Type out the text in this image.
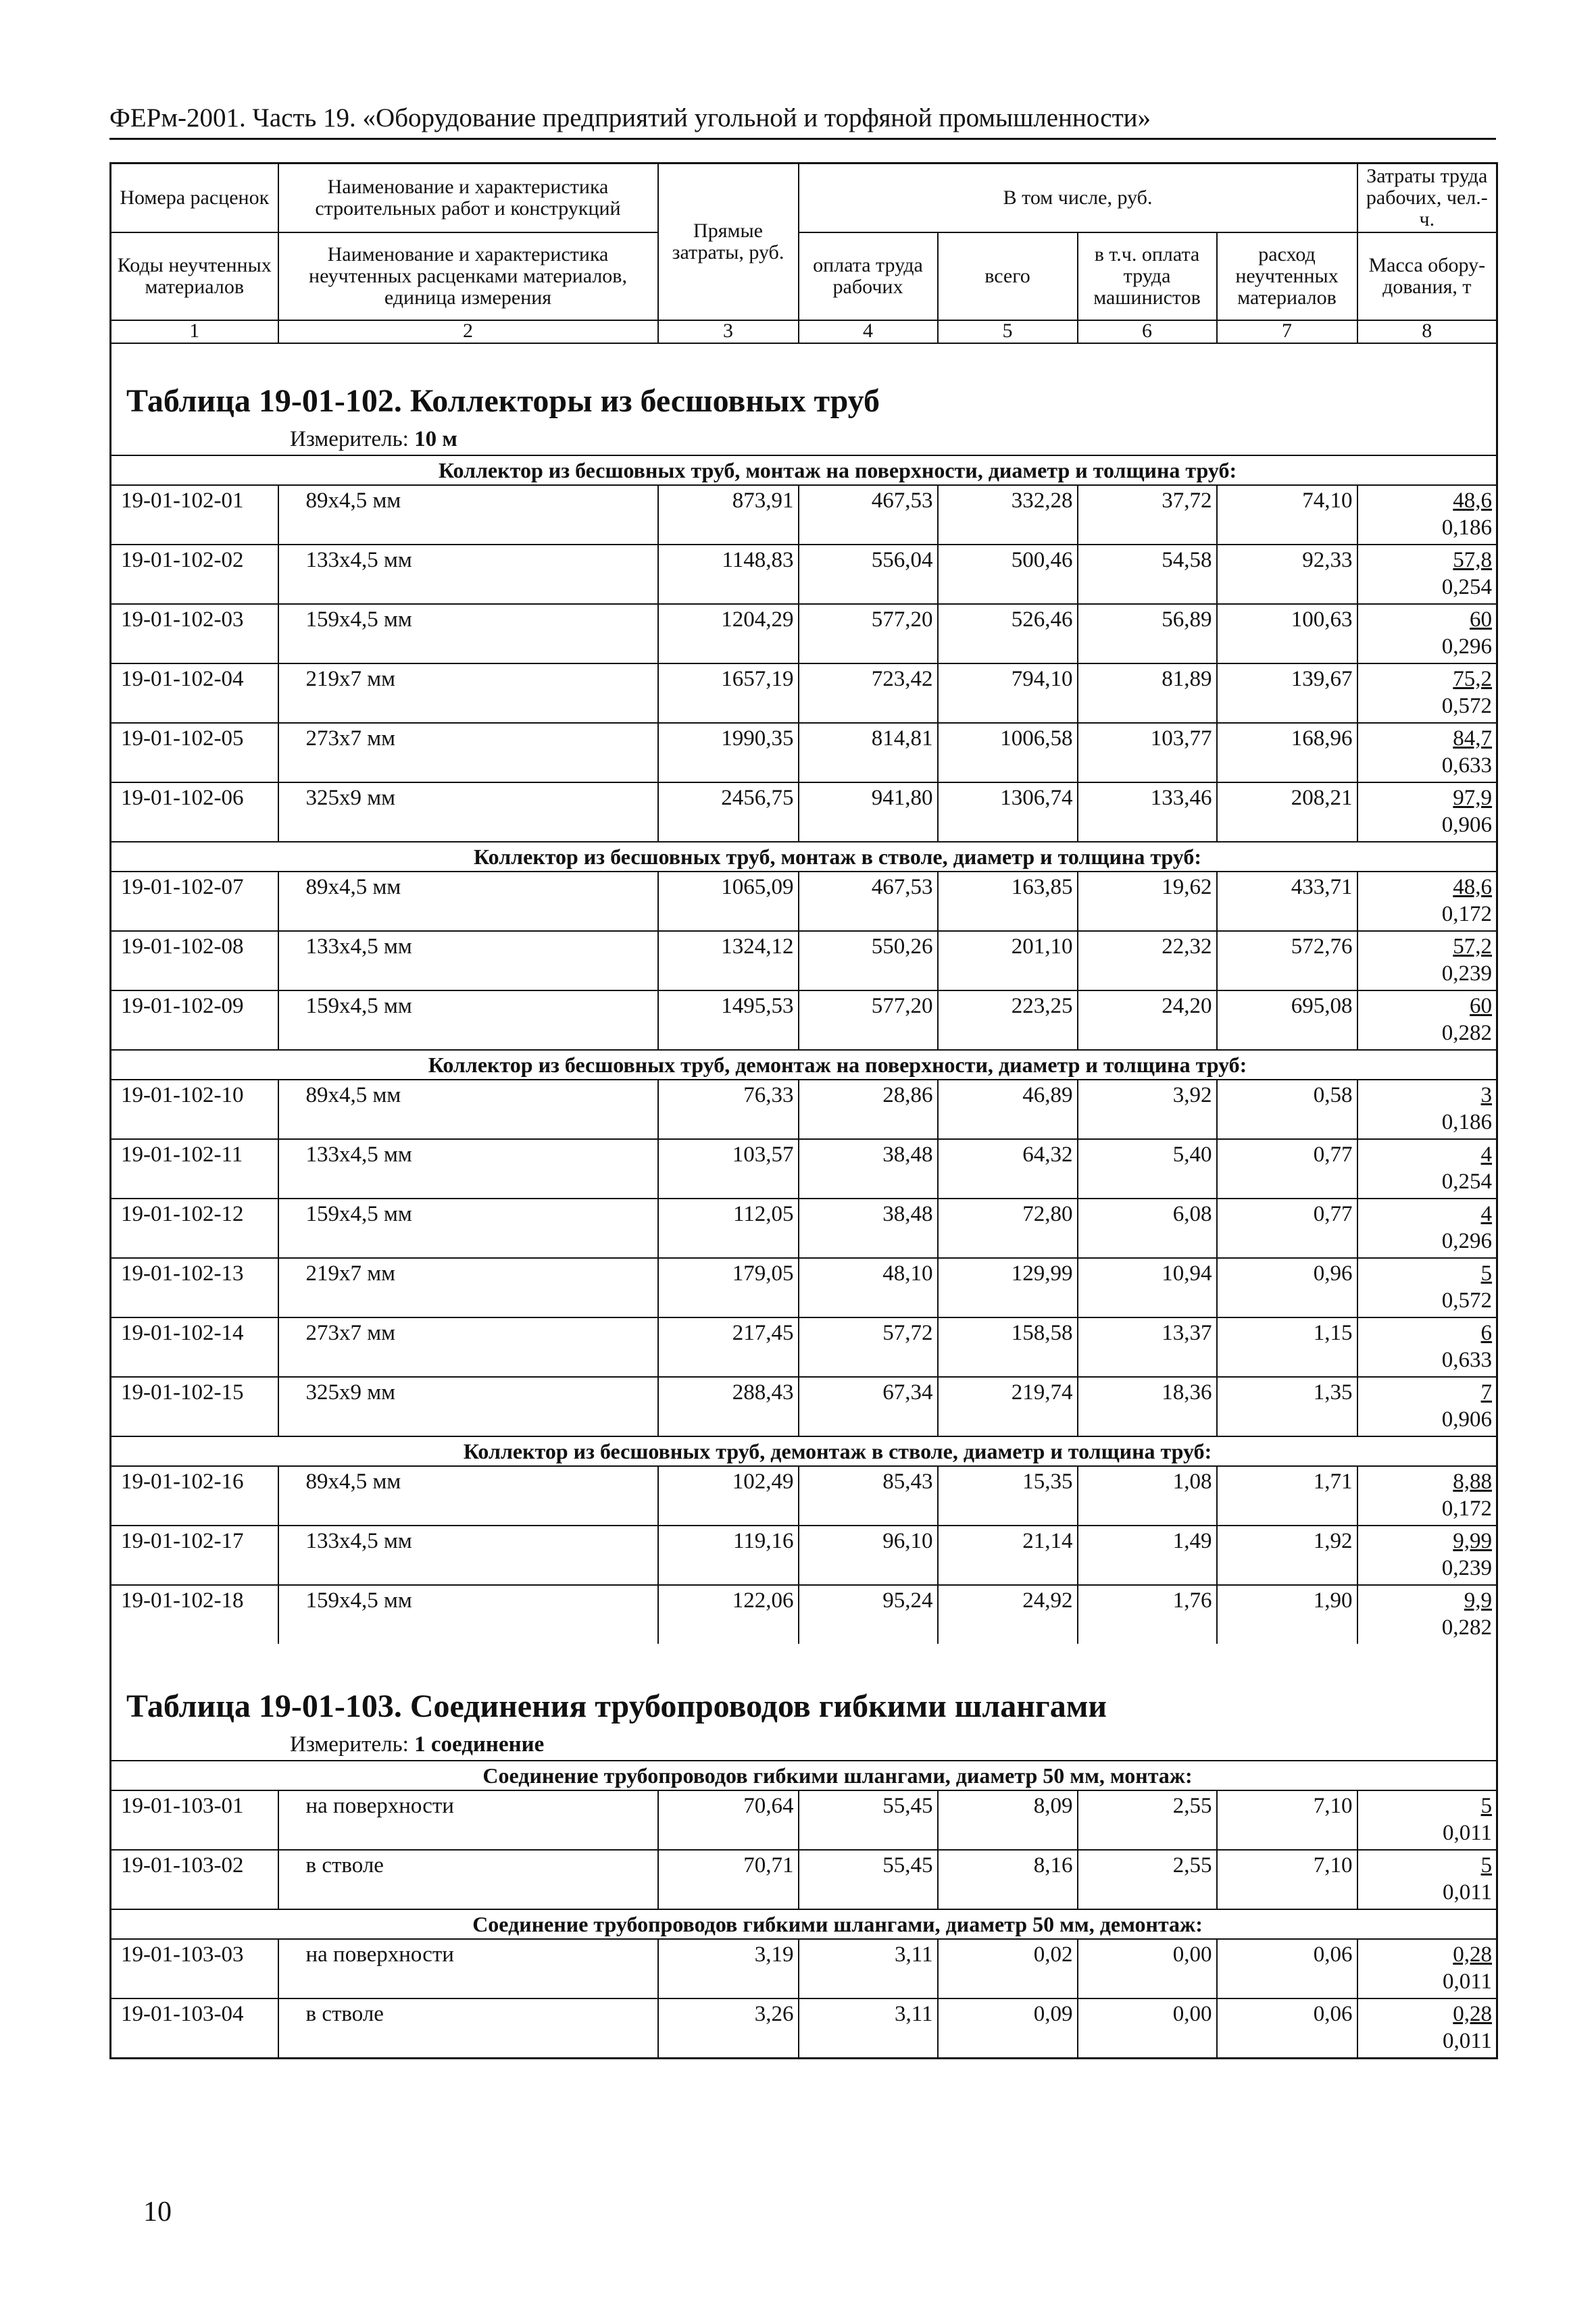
ФЕРм-2001. Часть 19. «Оборудование предприятий угольной и торфяной промышленности»
Номера расценок	Наименование и характеристика строительных работ и конструкций	Прямые затраты, руб.	В том числе, руб.				Затраты труда рабочих, чел.-ч.
Коды неучтенных материалов	Наименование и характеристика неучтенных расценками материалов, единица измерения		оплата труда рабочих	всего	в т.ч. оплата труда машинистов	расход неучтенных материалов	Масса обору-дования, т
1	2	3	4	5	6	7	8

Таблица 19-01-102. Коллекторы из бесшовных труб							
Измеритель: 10 м							
Коллектор из бесшовных труб, монтаж на поверхности, диаметр и толщина труб:							
19-01-102-01	89х4,5 мм	873,91	467,53	332,28	37,72	74,10	48,6
0,186

19-01-102-02	133х4,5 мм	1148,83	556,04	500,46	54,58	92,33	57,8
0,254

19-01-102-03	159х4,5 мм	1204,29	577,20	526,46	56,89	100,63	60
0,296

19-01-102-04	219х7 мм	1657,19	723,42	794,10	81,89	139,67	75,2
0,572

19-01-102-05	273х7 мм	1990,35	814,81	1006,58	103,77	168,96	84,7
0,633

19-01-102-06	325х9 мм	2456,75	941,80	1306,74	133,46	208,21	97,9
0,906

Коллектор из бесшовных труб, монтаж в стволе, диаметр и толщина труб:							
19-01-102-07	89х4,5 мм	1065,09	467,53	163,85	19,62	433,71	48,6
0,172

19-01-102-08	133х4,5 мм	1324,12	550,26	201,10	22,32	572,76	57,2
0,239

19-01-102-09	159х4,5 мм	1495,53	577,20	223,25	24,20	695,08	60
0,282

Коллектор из бесшовных труб, демонтаж на поверхности, диаметр и толщина труб:							
19-01-102-10	89х4,5 мм	76,33	28,86	46,89	3,92	0,58	3
0,186

19-01-102-11	133х4,5 мм	103,57	38,48	64,32	5,40	0,77	4
0,254

19-01-102-12	159х4,5 мм	112,05	38,48	72,80	6,08	0,77	4
0,296

19-01-102-13	219х7 мм	179,05	48,10	129,99	10,94	0,96	5
0,572

19-01-102-14	273х7 мм	217,45	57,72	158,58	13,37	1,15	6
0,633

19-01-102-15	325х9 мм	288,43	67,34	219,74	18,36	1,35	7
0,906

Коллектор из бесшовных труб, демонтаж в стволе, диаметр и толщина труб:							
19-01-102-16	89х4,5 мм	102,49	85,43	15,35	1,08	1,71	8,88
0,172

19-01-102-17	133х4,5 мм	119,16	96,10	21,14	1,49	1,92	9,99
0,239

19-01-102-18	159х4,5 мм	122,06	95,24	24,92	1,76	1,90	9,9
0,282

Таблица 19-01-103. Соединения трубопроводов гибкими шлангами							
Измеритель: 1 соединение							
Соединение трубопроводов гибкими шлангами, диаметр 50 мм, монтаж:							
19-01-103-01	на поверхности	70,64	55,45	8,09	2,55	7,10	5
0,011

19-01-103-02	в стволе	70,71	55,45	8,16	2,55	7,10	5
0,011

Соединение трубопроводов гибкими шлангами, диаметр 50 мм, демонтаж:							
19-01-103-03	на поверхности	3,19	3,11	0,02	0,00	0,06	0,28
0,011

19-01-103-04	в стволе	3,26	3,11	0,09	0,00	0,06	0,28
0,011
10
